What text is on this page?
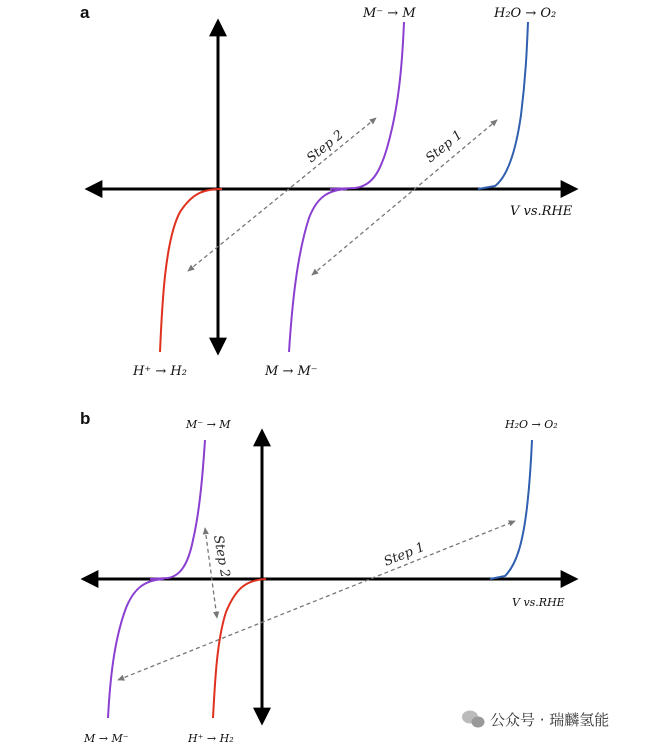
a
Step 2	Step 1
M⁻ → M	H₂O → O₂
V vs.RHE
H⁺ → H₂	M → M⁻
b
Step 2	Step 1
M⁻ → M	H₂O → O₂
V vs.RHE
M → M⁻	H⁺ → H₂
公众号 · 瑞麟氢能
